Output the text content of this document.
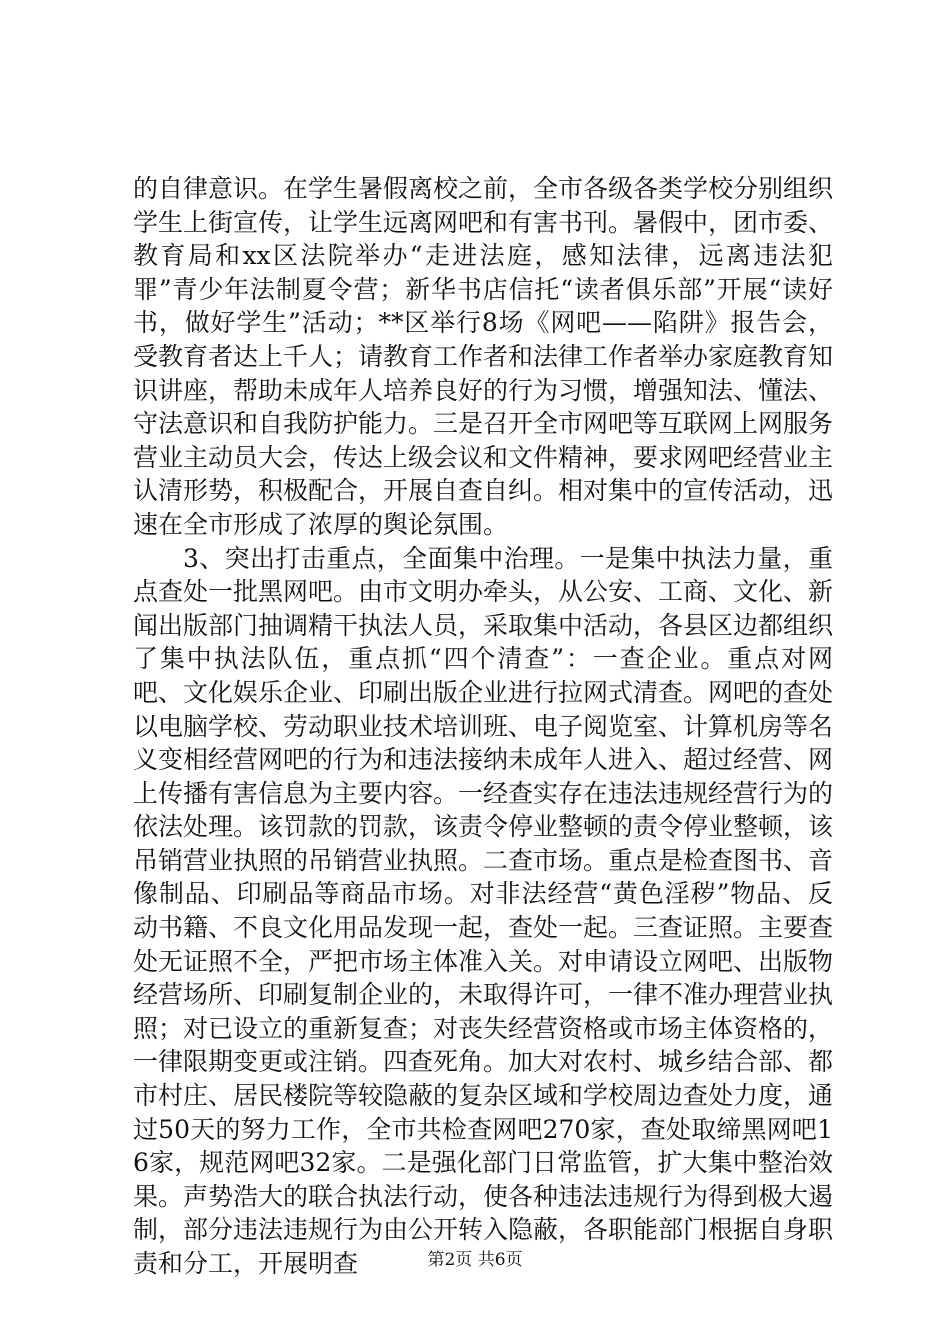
的自律意识。在学生暑假离校之前，全市各级各类学校分别组织学生上街宣传，让学生远离网吧和有害书刊。暑假中，团市委、教育局和xx区法院举办“走进法庭，感知法律，远离违法犯罪”青少年法制夏令营；新华书店信托“读者俱乐部”开展“读好书，做好学生”活动；**区举行8场《网吧——陷阱》报告会，受教育者达上千人；请教育工作者和法律工作者举办家庭教育知识讲座，帮助未成年人培养良好的行为习惯，增强知法、懂法、守法意识和自我防护能力。三是召开全市网吧等互联网上网服务营业主动员大会，传达上级会议和文件精神，要求网吧经营业主认清形势，积极配合，开展自查自纠。相对集中的宣传活动，迅速在全市形成了浓厚的舆论氛围。

3、突出打击重点，全面集中治理。一是集中执法力量，重点查处一批黑网吧。由市文明办牵头，从公安、工商、文化、新闻出版部门抽调精干执法人员，采取集中活动，各县区边都组织了集中执法队伍，重点抓“四个清查”：一查企业。重点对网吧、文化娱乐企业、印刷出版企业进行拉网式清查。网吧的查处以电脑学校、劳动职业技术培训班、电子阅览室、计算机房等名义变相经营网吧的行为和违法接纳未成年人进入、超过经营、网上传播有害信息为主要内容。一经查实存在违法违规经营行为的依法处理。该罚款的罚款，该责令停业整顿的责令停业整顿，该吊销营业执照的吊销营业执照。二查市场。重点是检查图书、音像制品、印刷品等商品市场。对非法经营“黄色淫秽”物品、反动书籍、不良文化用品发现一起，查处一起。三查证照。主要查处无证照不全，严把市场主体准入关。对申请设立网吧、出版物经营场所、印刷复制企业的，未取得许可，一律不准办理营业执照；对已设立的重新复查；对丧失经营资格或市场主体资格的，一律限期变更或注销。四查死角。加大对农村、城乡结合部、都市村庄、居民楼院等较隐蔽的复杂区域和学校周边查处力度，通过50天的努力工作，全市共检查网吧270家，查处取缔黑网吧16家，规范网吧32家。二是强化部门日常监管，扩大集中整治效果。声势浩大的联合执法行动，使各种违法违规行为得到极大遏制，部分违法违规行为由公开转入隐蔽，各职能部门根据自身职责和分工，开展明查	第2页 共6页
